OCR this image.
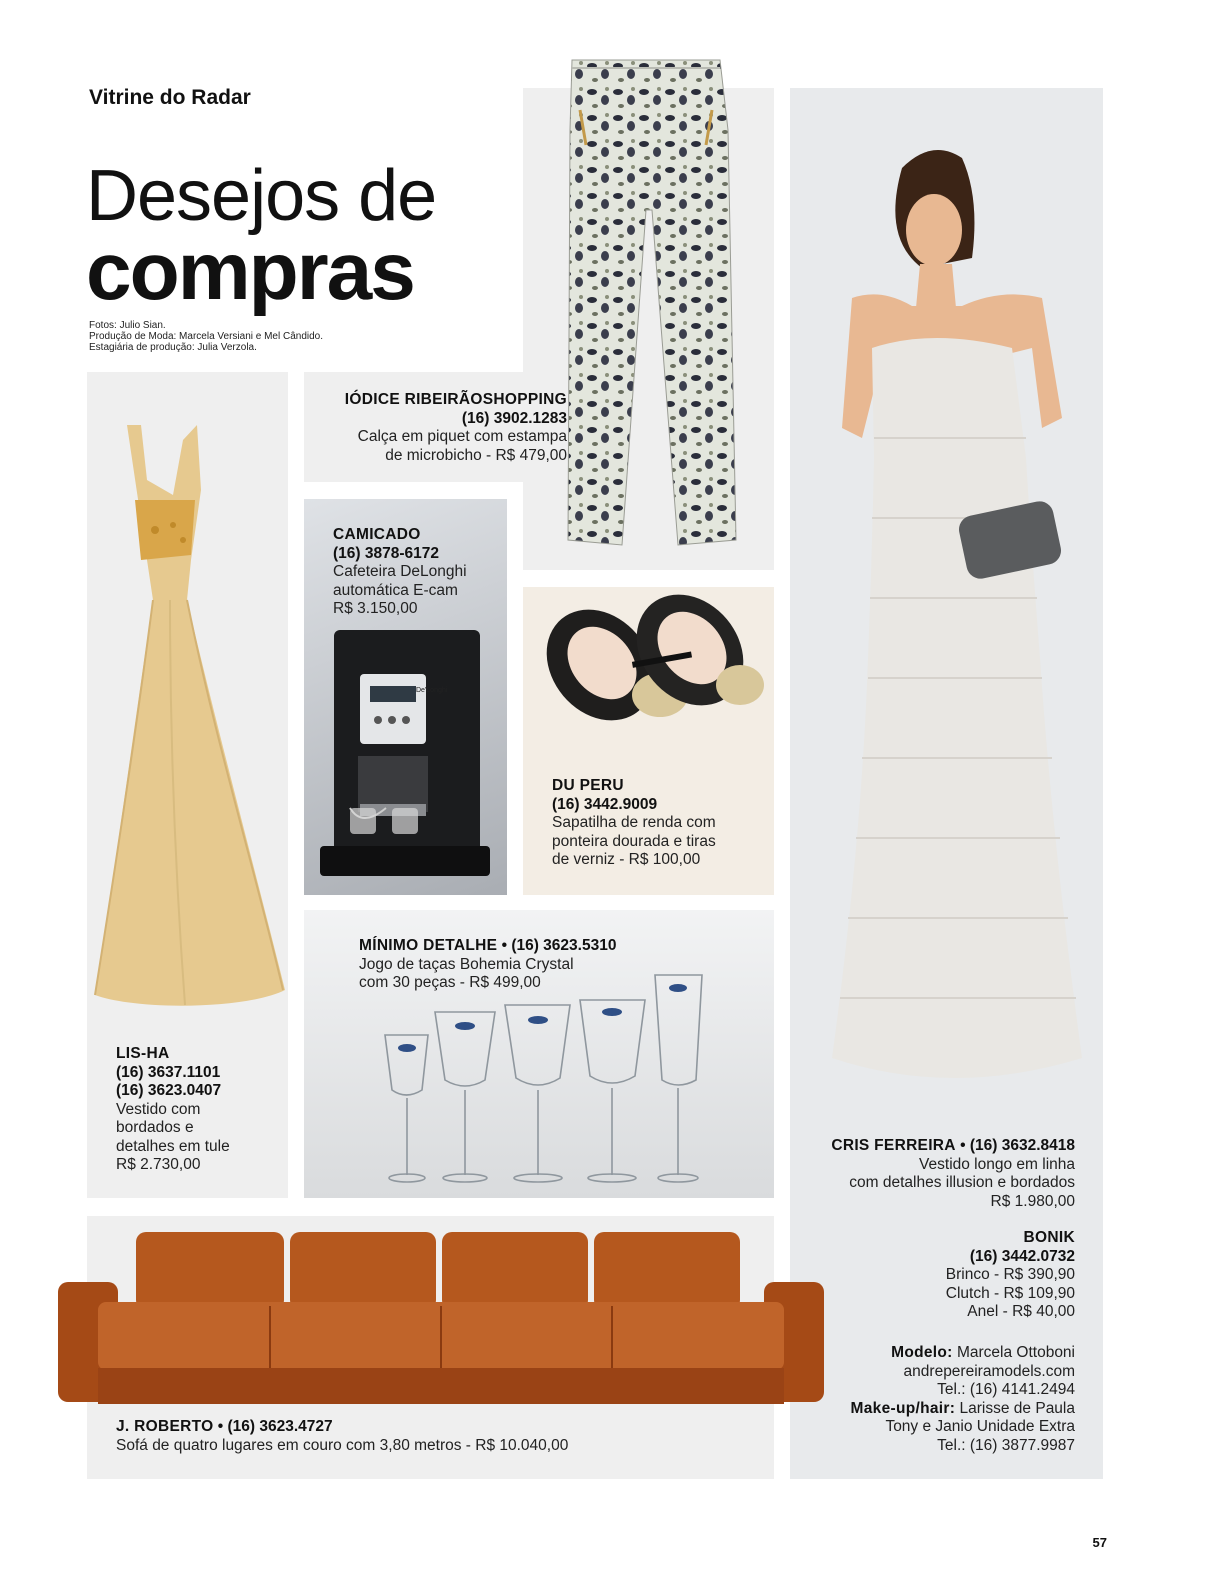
Vitrine do Radar
Desejos de
compras
Fotos: Julio Sian.
Produção de Moda: Marcela Versiani e Mel Cândido.
Estagiária de produção: Julia Verzola.
De'Longhi
IÓDICE RIBEIRÃOSHOPPING
(16) 3902.1283
Calça em piquet com estampa
de microbicho - R$ 479,00
CAMICADO
(16) 3878-6172
Cafeteira DeLonghi
automática E-cam
R$ 3.150,00
DU PERU
(16) 3442.9009
Sapatilha de renda com
ponteira dourada e tiras
de verniz - R$ 100,00
LIS-HA
(16) 3637.1101
(16) 3623.0407
Vestido com
bordados e
detalhes em tule
R$ 2.730,00
MÍNIMO DETALHE • (16) 3623.5310
Jogo de taças Bohemia Crystal
com 30 peças - R$ 499,00
J. ROBERTO • (16) 3623.4727
Sofá de quatro lugares em couro com 3,80 metros - R$ 10.040,00
CRIS FERREIRA • (16) 3632.8418
Vestido longo em linha
com detalhes illusion e bordados
R$ 1.980,00
BONIK
(16) 3442.0732
Brinco - R$ 390,90
Clutch - R$ 109,90
Anel - R$ 40,00
Modelo: Marcela Ottoboni
andrepereiramodels.com
Tel.: (16) 4141.2494
Make-up/hair: Larisse de Paula
Tony e Janio Unidade Extra
Tel.: (16) 3877.9987
57
